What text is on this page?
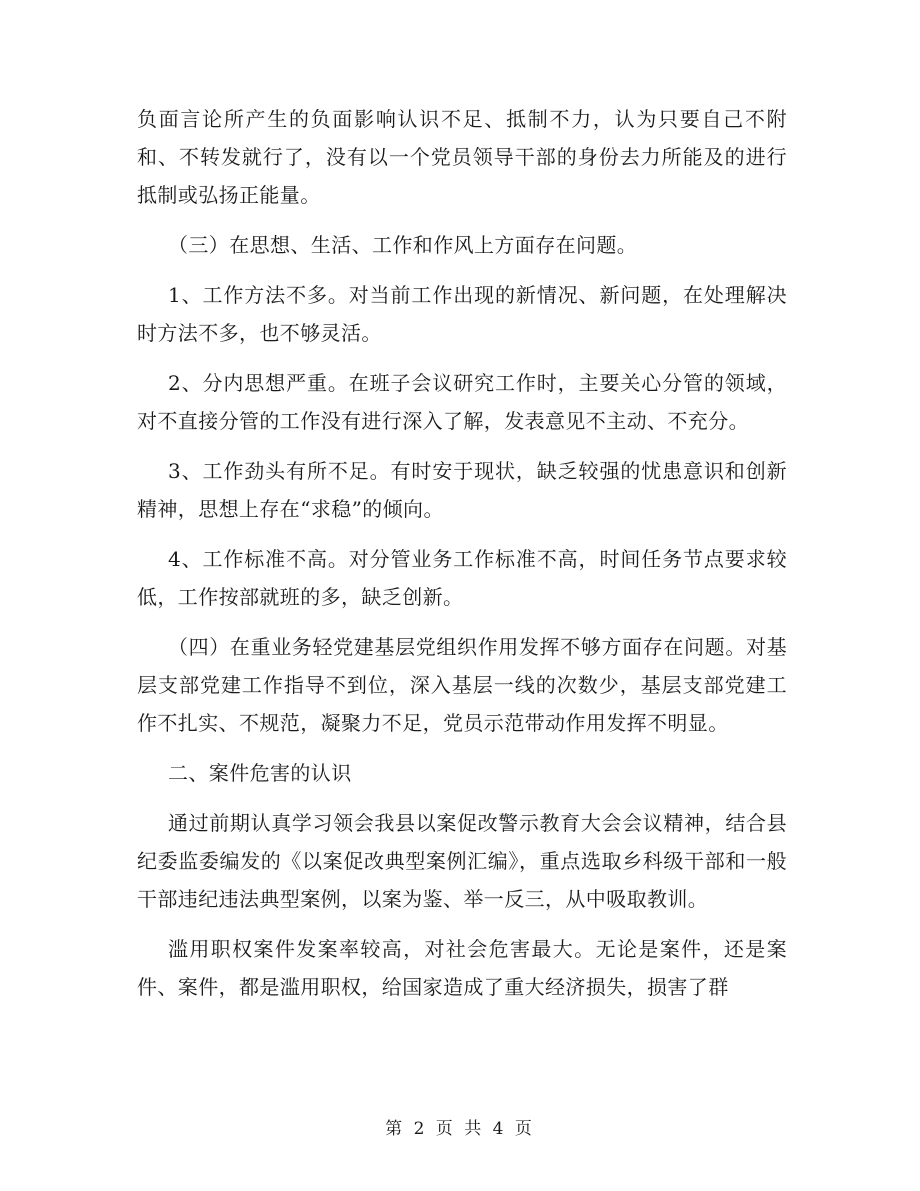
负面言论所产生的负面影响认识不足、抵制不力，认为只要自己不附和、不转发就行了，没有以一个党员领导干部的身份去力所能及的进行抵制或弘扬正能量。

（三）在思想、生活、工作和作风上方面存在问题。

1、工作方法不多。对当前工作出现的新情况、新问题，在处理解决时方法不多，也不够灵活。

2、分内思想严重。在班子会议研究工作时，主要关心分管的领域，对不直接分管的工作没有进行深入了解，发表意见不主动、不充分。

3、工作劲头有所不足。有时安于现状，缺乏较强的忧患意识和创新精神，思想上存在“求稳”的倾向。

4、工作标准不高。对分管业务工作标准不高，时间任务节点要求较低，工作按部就班的多，缺乏创新。

（四）在重业务轻党建基层党组织作用发挥不够方面存在问题。对基层支部党建工作指导不到位，深入基层一线的次数少，基层支部党建工作不扎实、不规范，凝聚力不足，党员示范带动作用发挥不明显。

二、案件危害的认识

通过前期认真学习领会我县以案促改警示教育大会会议精神，结合县纪委监委编发的《以案促改典型案例汇编》，重点选取乡科级干部和一般干部违纪违法典型案例，以案为鉴、举一反三，从中吸取教训。

滥用职权案件发案率较高，对社会危害最大。无论是案件，还是案件、案件，都是滥用职权，给国家造成了重大经济损失，损害了群

第 2 页 共 4 页
